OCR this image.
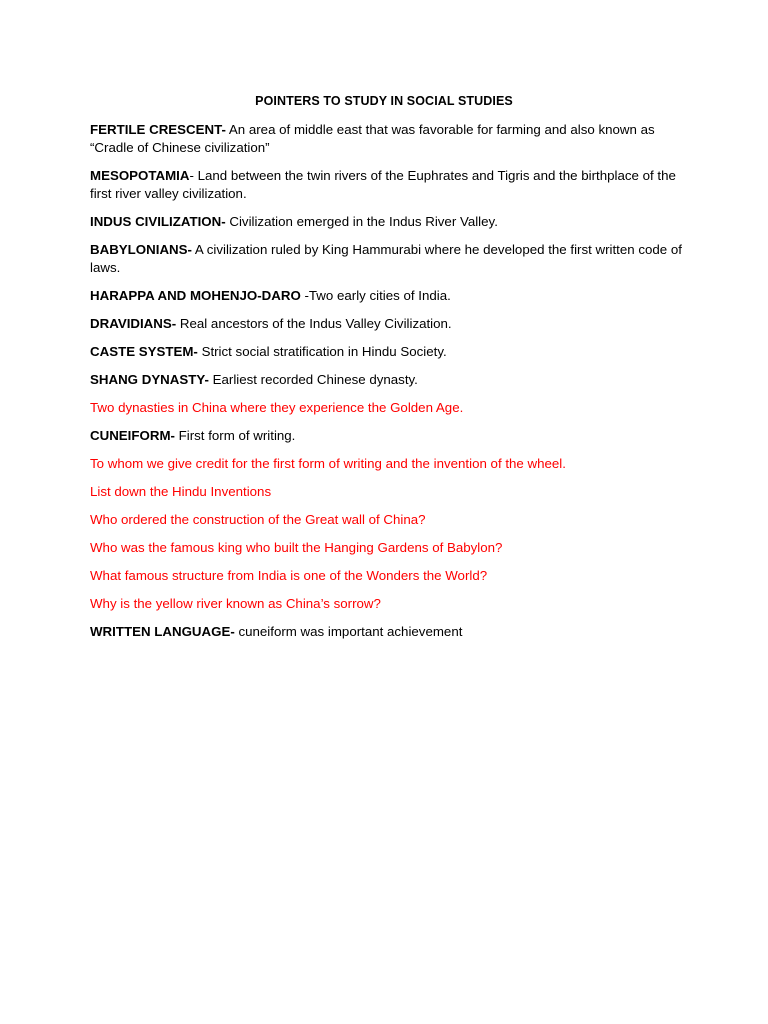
POINTERS TO STUDY IN SOCIAL STUDIES

FERTILE CRESCENT- An area of middle east that was favorable for farming and also known as “Cradle of Chinese civilization”

MESOPOTAMIA- Land between the twin rivers of the Euphrates and Tigris and the birthplace of the first river valley civilization.

INDUS CIVILIZATION- Civilization emerged in the Indus River Valley.

BABYLONIANS- A civilization ruled by King Hammurabi where he developed the first written code of laws.

HARAPPA AND MOHENJO-DARO -Two early cities of India.

DRAVIDIANS- Real ancestors of the Indus Valley Civilization.

CASTE SYSTEM- Strict social stratification in Hindu Society.

SHANG DYNASTY- Earliest recorded Chinese dynasty.

Two dynasties in China where they experience the Golden Age.

CUNEIFORM- First form of writing.

To whom we give credit for the first form of writing and the invention of the wheel.

List down the Hindu Inventions

Who ordered the construction of the Great wall of China?

Who was the famous king who built the Hanging Gardens of Babylon?

What famous structure from India is one of the Wonders the World?

Why is the yellow river known as China’s sorrow?

WRITTEN LANGUAGE- cuneiform was important achievement
